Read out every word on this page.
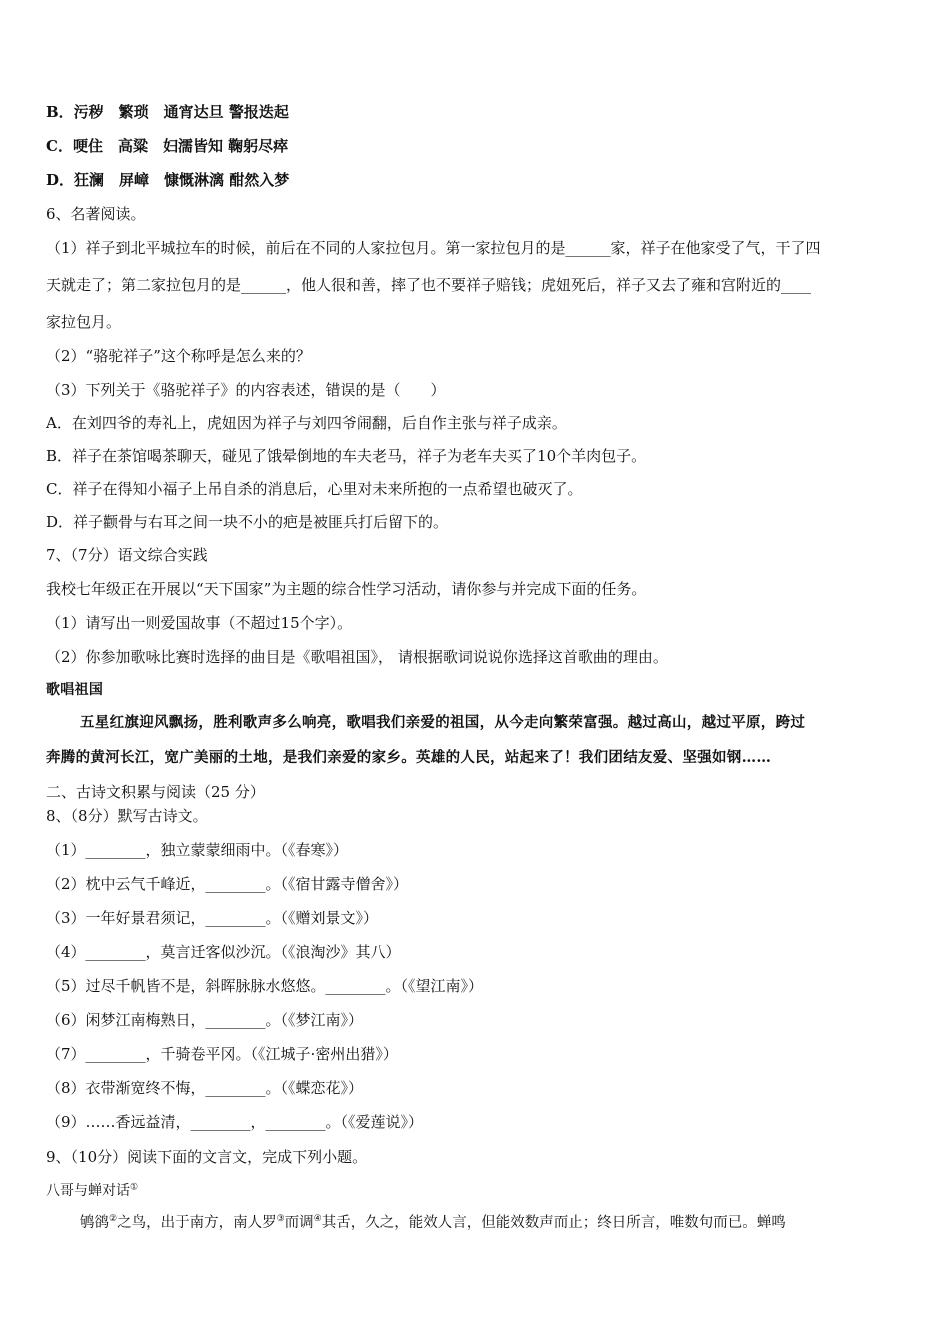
B．污秽　繁琐　通宵达旦 警报迭起
C．哽住　高粱　妇濡皆知 鞠躬尽瘁
D．狂澜　屏嶂　慷慨淋漓 酣然入梦
6、名著阅读。
（1）祥子到北平城拉车的时候，前后在不同的人家拉包月。第一家拉包月的是______家，祥子在他家受了气，干了四
天就走了；第二家拉包月的是______，他人很和善，摔了也不要祥子赔钱；虎妞死后，祥子又去了雍和宫附近的____
家拉包月。
（2）“骆驼祥子”这个称呼是怎么来的？
（3）下列关于《骆驼祥子》的内容表述，错误的是（　　）
A．在刘四爷的寿礼上，虎妞因为祥子与刘四爷闹翻，后自作主张与祥子成亲。
B．祥子在茶馆喝茶聊天，碰见了饿晕倒地的车夫老马，祥子为老车夫买了10个羊肉包子。
C．祥子在得知小福子上吊自杀的消息后，心里对未来所抱的一点希望也破灭了。
D．祥子颧骨与右耳之间一块不小的疤是被匪兵打后留下的。
7、（7分）语文综合实践
我校七年级正在开展以“天下国家”为主题的综合性学习活动，请你参与并完成下面的任务。
（1）请写出一则爱国故事（不超过15个字）。
（2）你参加歌咏比赛时选择的曲目是《歌唱祖国》， 请根据歌词说说你选择这首歌曲的理由。
歌唱祖国
五星红旗迎风飘扬，胜利歌声多么响亮，歌唱我们亲爱的祖国，从今走向繁荣富强。越过高山，越过平原，跨过
奔腾的黄河长江，宽广美丽的土地，是我们亲爱的家乡。英雄的人民，站起来了！我们团结友爱、坚强如钢……
二、古诗文积累与阅读（25 分）
8、（8分）默写古诗文。
（1）________，独立蒙蒙细雨中。（《春寒》）
（2）枕中云气千峰近，________。（《宿甘露寺僧舍》）
（3）一年好景君须记，________。（《赠刘景文》）
（4）________，莫言迁客似沙沉。（《浪淘沙》其八）
（5）过尽千帆皆不是，斜晖脉脉水悠悠。________。（《望江南》）
（6）闲梦江南梅熟日，________。（《梦江南》）
（7）________，千骑卷平冈。（《江城子·密州出猎》）
（8）衣带渐宽终不悔，________。（《蝶恋花》）
（9）……香远益清，________，________。（《爱莲说》）
9、（10分）阅读下面的文言文，完成下列小题。
八哥与蝉对话①
鸲鹆②之鸟，出于南方，南人罗③而调④其舌，久之，能效人言，但能效数声而止；终日所言，唯数句而已。蝉鸣
